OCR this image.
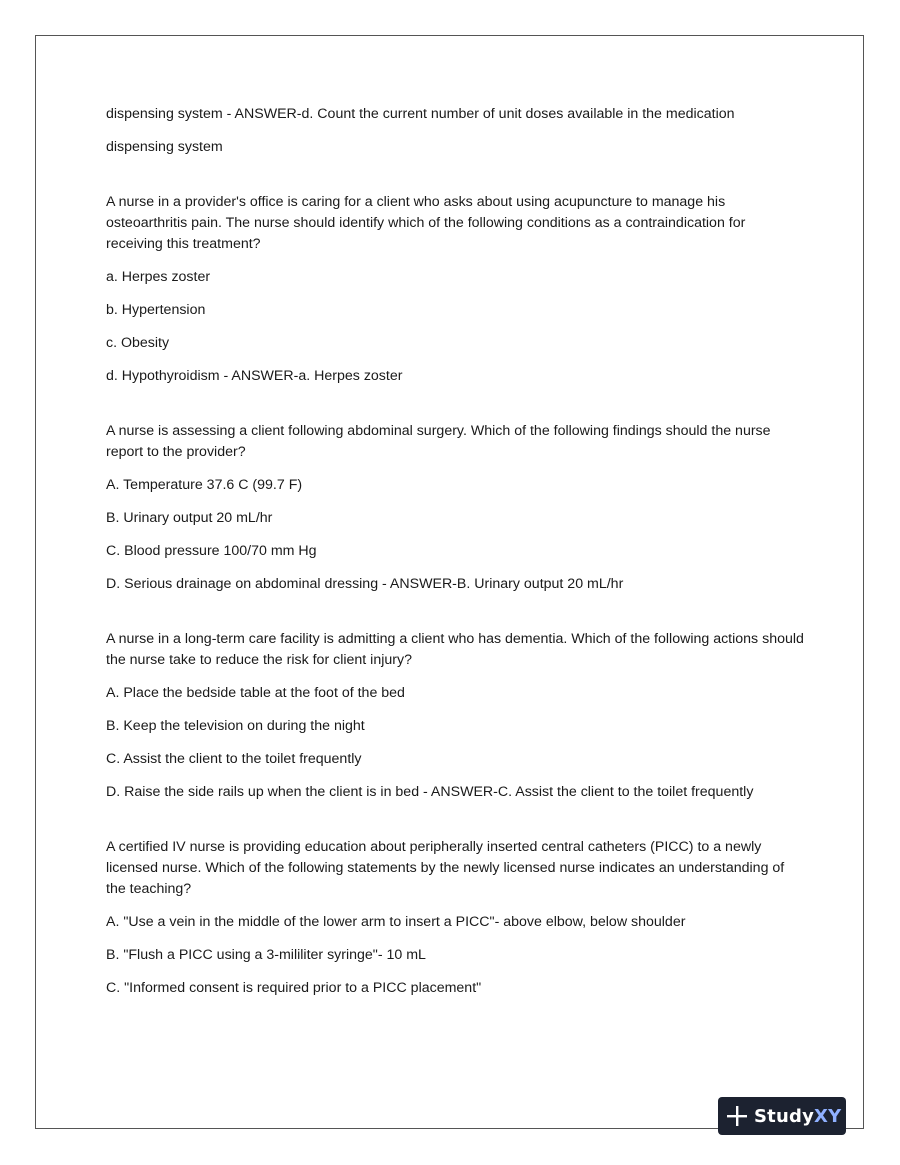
dispensing system - ANSWER-d. Count the current number of unit doses available in the medication

dispensing system

A nurse in a provider's office is caring for a client who asks about using acupuncture to manage his osteoarthritis pain. The nurse should identify which of the following conditions as a contraindication for receiving this treatment?

a. Herpes zoster

b. Hypertension

c. Obesity

d. Hypothyroidism - ANSWER-a. Herpes zoster

A nurse is assessing a client following abdominal surgery. Which of the following findings should the nurse report to the provider?

A. Temperature 37.6 C (99.7 F)

B. Urinary output 20 mL/hr

C. Blood pressure 100/70 mm Hg

D. Serious drainage on abdominal dressing - ANSWER-B. Urinary output 20 mL/hr

A nurse in a long-term care facility is admitting a client who has dementia. Which of the following actions should the nurse take to reduce the risk for client injury?

A. Place the bedside table at the foot of the bed

B. Keep the television on during the night

C. Assist the client to the toilet frequently

D. Raise the side rails up when the client is in bed - ANSWER-C. Assist the client to the toilet frequently

A certified IV nurse is providing education about peripherally inserted central catheters (PICC) to a newly licensed nurse. Which of the following statements by the newly licensed nurse indicates an understanding of the teaching?

A. "Use a vein in the middle of the lower arm to insert a PICC"- above elbow, below shoulder

B. "Flush a PICC using a 3-mililiter syringe"- 10 mL

C. "Informed consent is required prior to a PICC placement"

StudyXY
